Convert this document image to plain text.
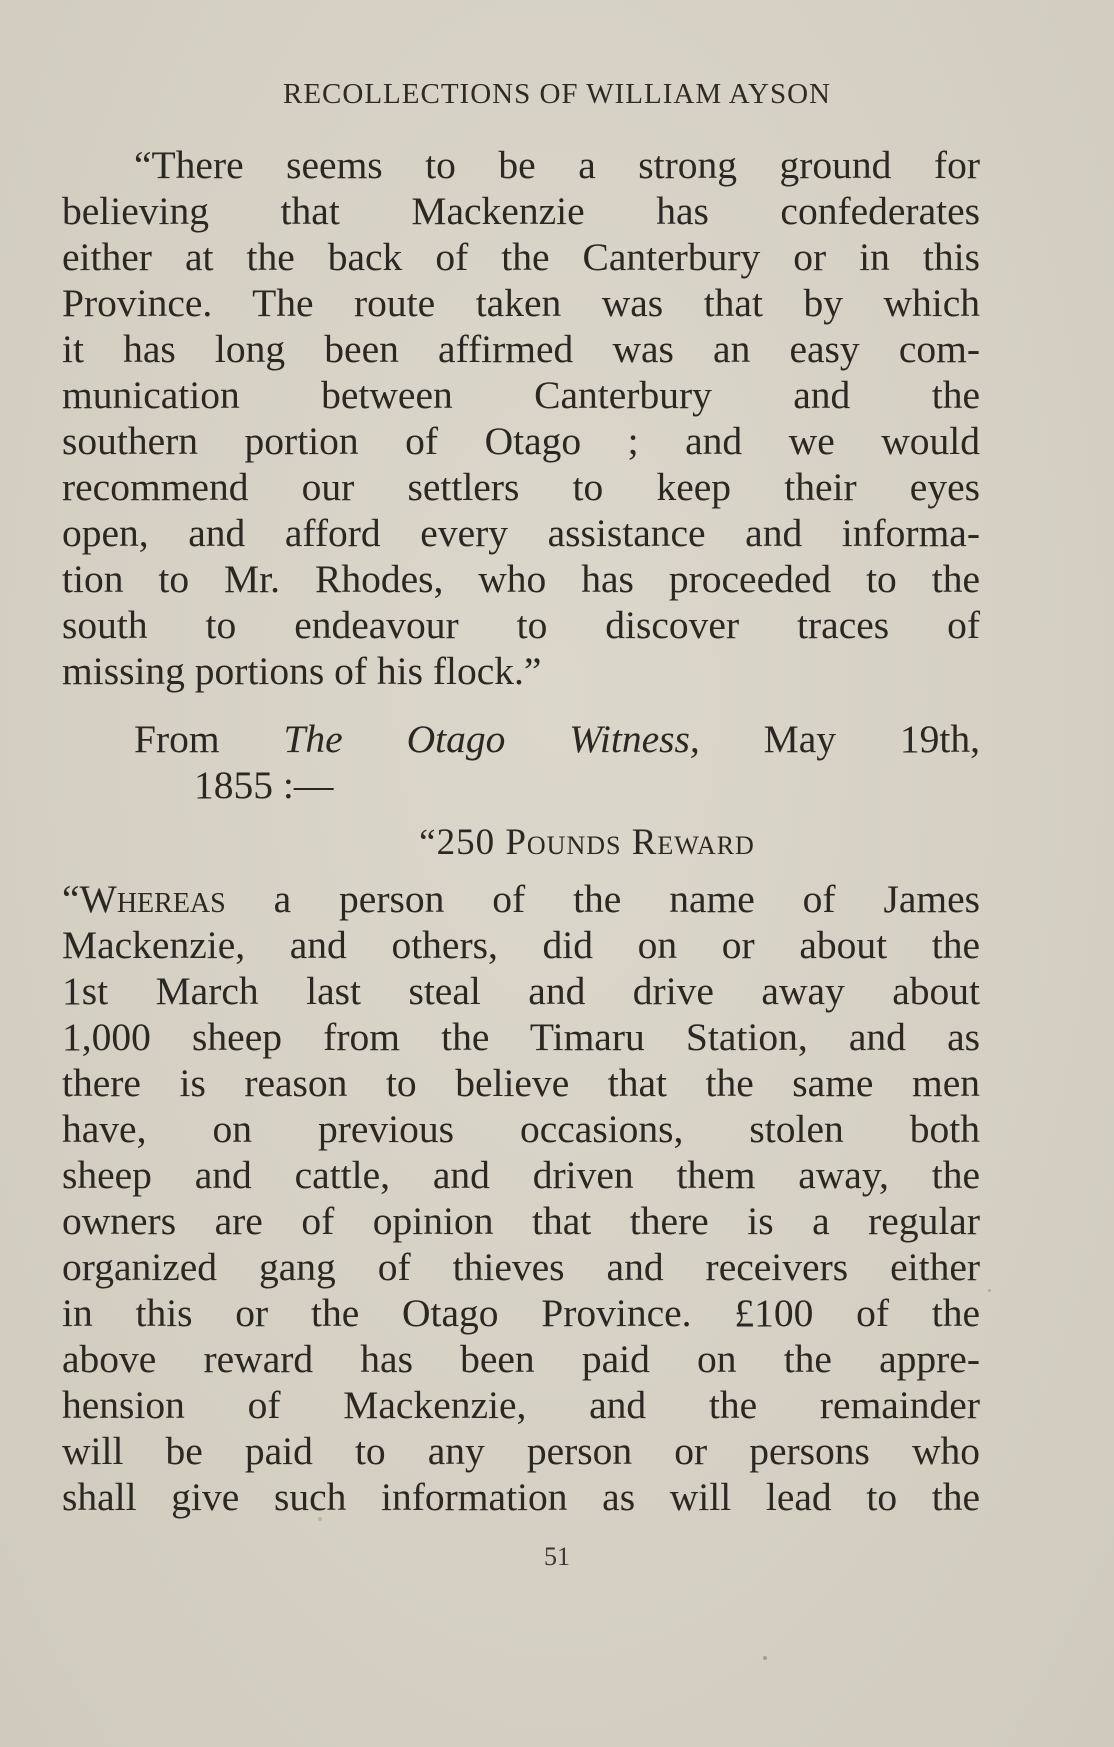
RECOLLECTIONS OF WILLIAM AYSON
“There seems to be a strong ground for
believing that Mackenzie has confederates
either at the back of the Canterbury or in this
Province. The route taken was that by which
it has long been affirmed was an easy com-
munication between Canterbury and the
southern portion of Otago ; and we would
recommend our settlers to keep their eyes
open, and afford every assistance and informa-
tion to Mr. Rhodes, who has proceeded to the
south to endeavour to discover traces of
missing portions of his flock.”
From The Otago Witness, May 19th,
1855 :—
“250 Pounds Reward
“Whereas a person of the name of James
Mackenzie, and others, did on or about the
1st March last steal and drive away about
1,000 sheep from the Timaru Station, and as
there is reason to believe that the same men
have, on previous occasions, stolen both
sheep and cattle, and driven them away, the
owners are of opinion that there is a regular
organized gang of thieves and receivers either
in this or the Otago Province. £100 of the
above reward has been paid on the appre-
hension of Mackenzie, and the remainder
will be paid to any person or persons who
shall give such information as will lead to the
51
